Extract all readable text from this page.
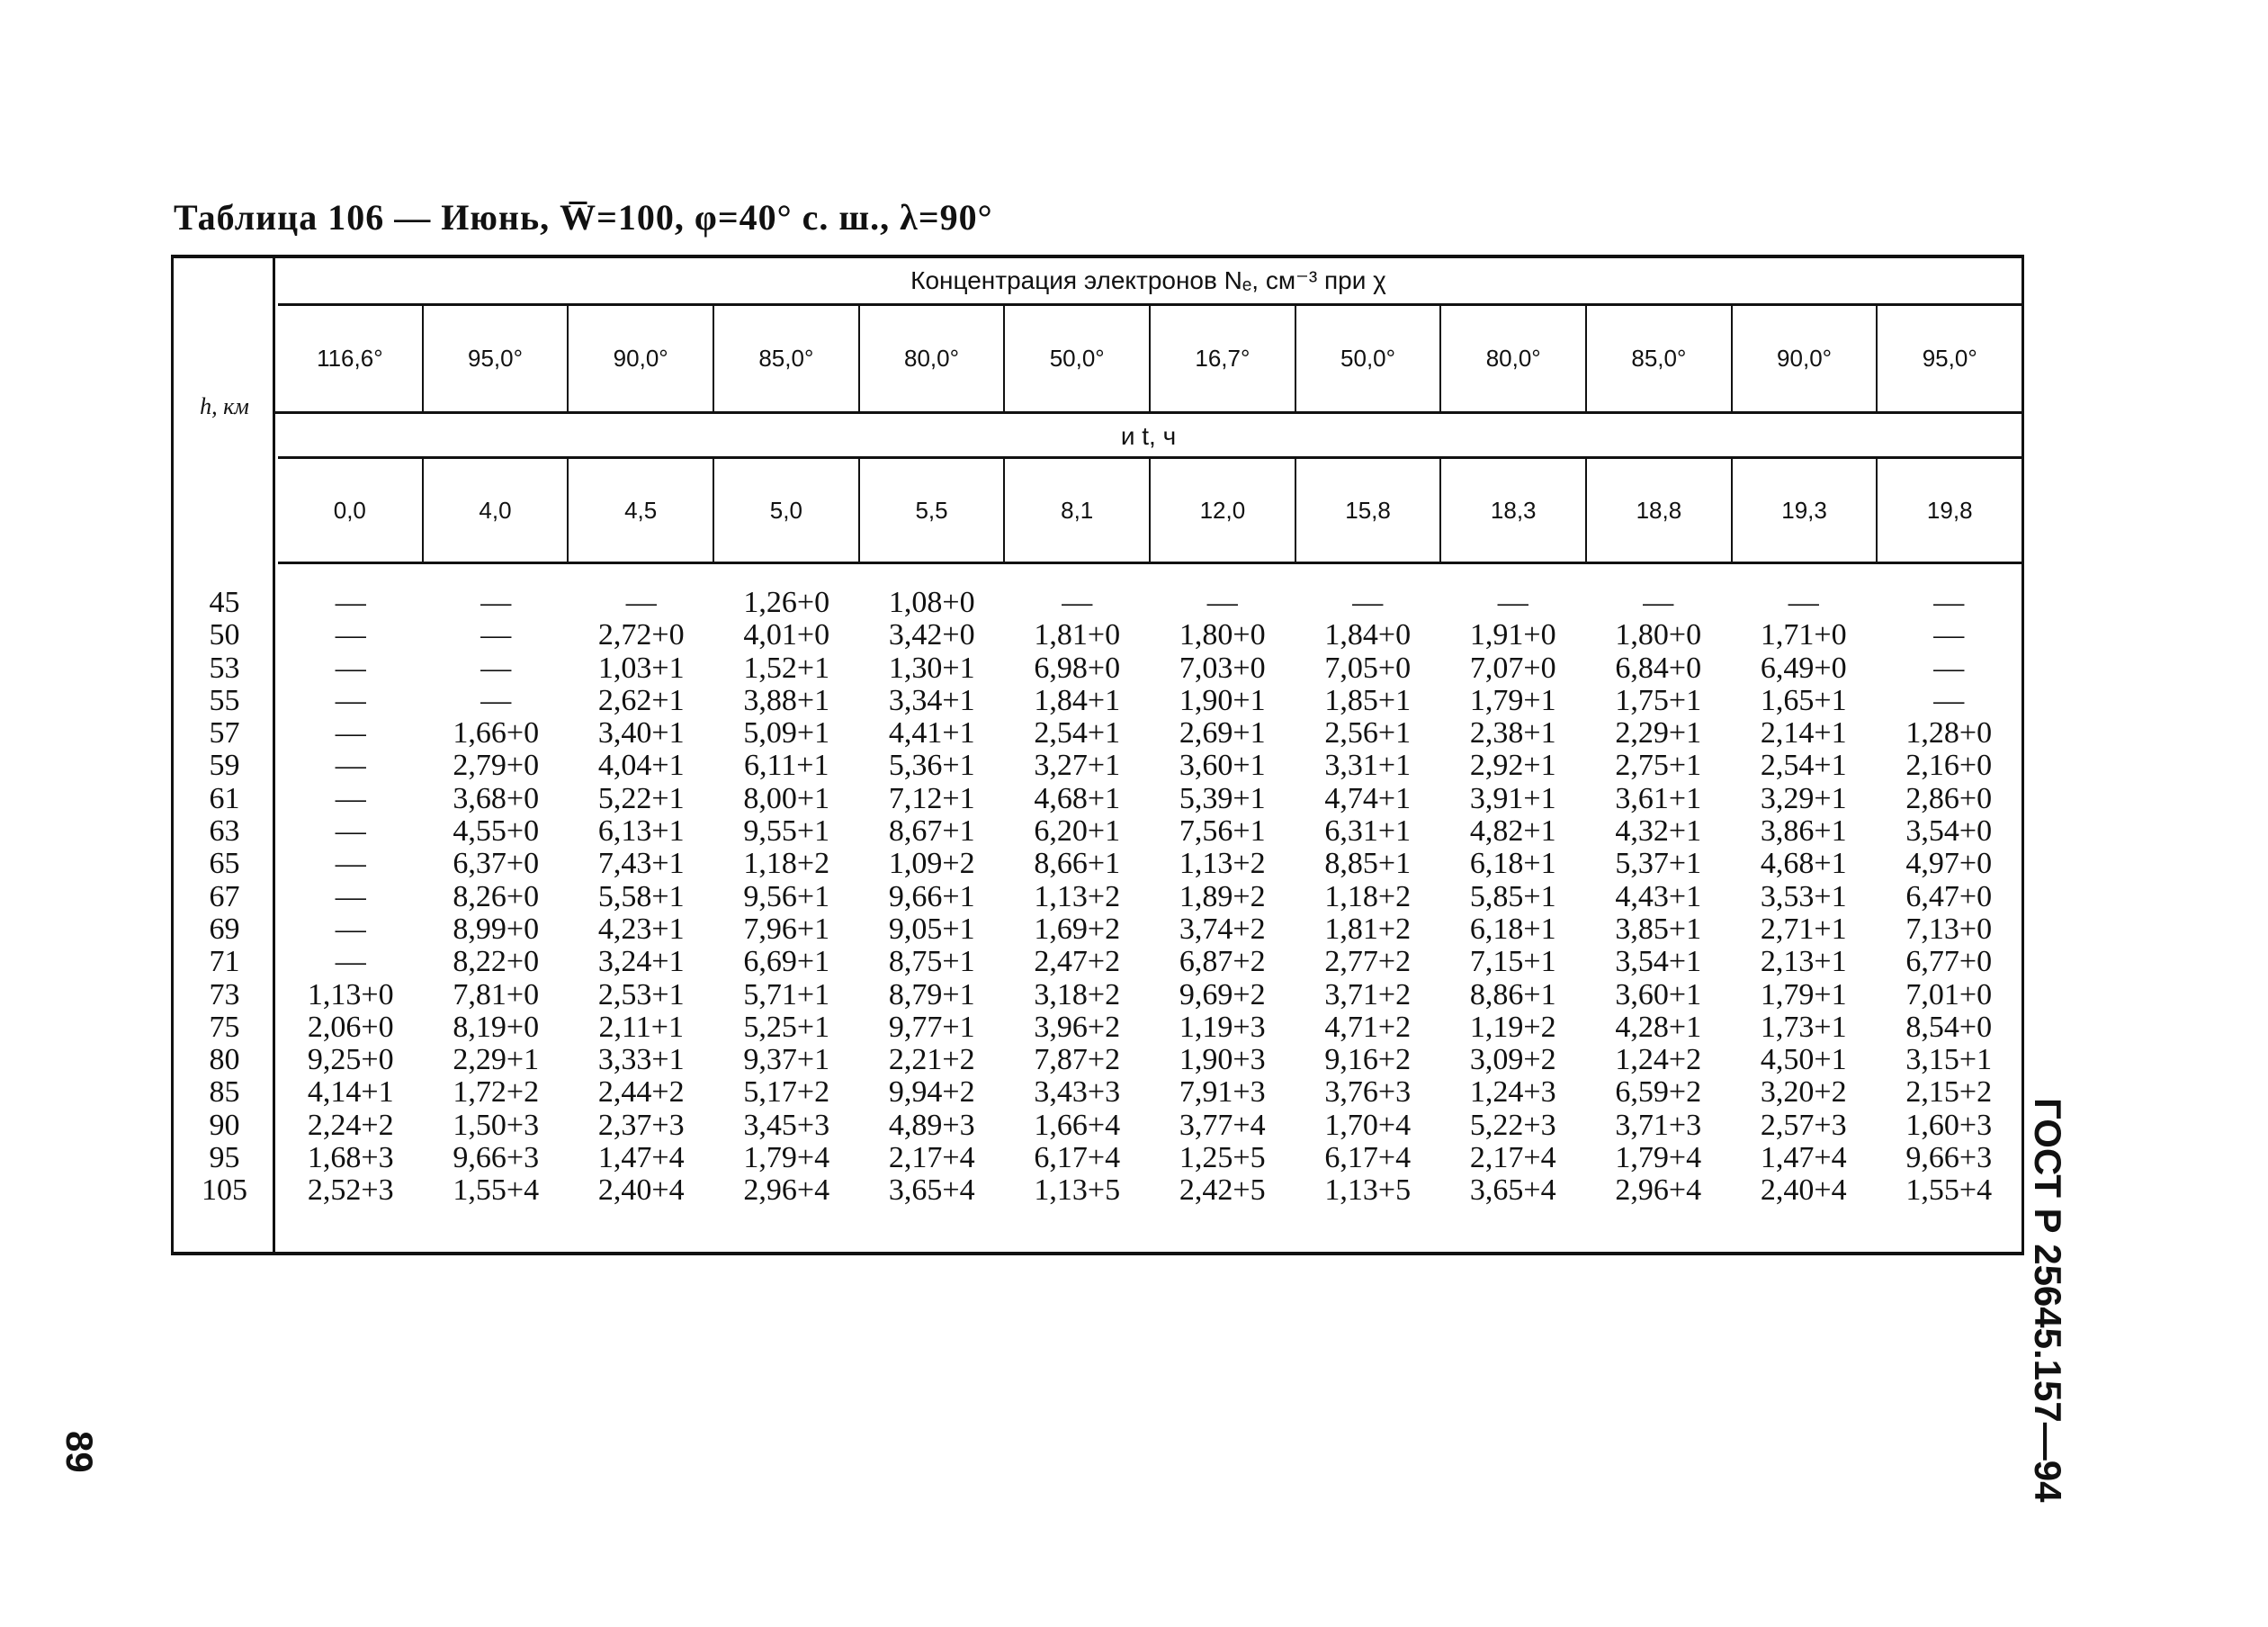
Таблица 106 — Июнь, W̅=100, φ=40° с. ш., λ=90°
h, км
Концентрация электронов Nₑ, см⁻³ при χ
116,6°	95,0°	90,0°	85,0°	80,0°	50,0°	16,7°	50,0°	80,0°	85,0°	90,0°	95,0°
и t, ч
0,0	4,0	4,5	5,0	5,5	8,1	12,0	15,8	18,3	18,8	19,3	19,8
45	—	—	—	1,26+0	1,08+0	—	—	—	—	—	—	—
50	—	—	2,72+0	4,01+0	3,42+0	1,81+0	1,80+0	1,84+0	1,91+0	1,80+0	1,71+0	—
53	—	—	1,03+1	1,52+1	1,30+1	6,98+0	7,03+0	7,05+0	7,07+0	6,84+0	6,49+0	—
55	—	—	2,62+1	3,88+1	3,34+1	1,84+1	1,90+1	1,85+1	1,79+1	1,75+1	1,65+1	—
57	—	1,66+0	3,40+1	5,09+1	4,41+1	2,54+1	2,69+1	2,56+1	2,38+1	2,29+1	2,14+1	1,28+0
59	—	2,79+0	4,04+1	6,11+1	5,36+1	3,27+1	3,60+1	3,31+1	2,92+1	2,75+1	2,54+1	2,16+0
61	—	3,68+0	5,22+1	8,00+1	7,12+1	4,68+1	5,39+1	4,74+1	3,91+1	3,61+1	3,29+1	2,86+0
63	—	4,55+0	6,13+1	9,55+1	8,67+1	6,20+1	7,56+1	6,31+1	4,82+1	4,32+1	3,86+1	3,54+0
65	—	6,37+0	7,43+1	1,18+2	1,09+2	8,66+1	1,13+2	8,85+1	6,18+1	5,37+1	4,68+1	4,97+0
67	—	8,26+0	5,58+1	9,56+1	9,66+1	1,13+2	1,89+2	1,18+2	5,85+1	4,43+1	3,53+1	6,47+0
69	—	8,99+0	4,23+1	7,96+1	9,05+1	1,69+2	3,74+2	1,81+2	6,18+1	3,85+1	2,71+1	7,13+0
71	—	8,22+0	3,24+1	6,69+1	8,75+1	2,47+2	6,87+2	2,77+2	7,15+1	3,54+1	2,13+1	6,77+0
73	1,13+0	7,81+0	2,53+1	5,71+1	8,79+1	3,18+2	9,69+2	3,71+2	8,86+1	3,60+1	1,79+1	7,01+0
75	2,06+0	8,19+0	2,11+1	5,25+1	9,77+1	3,96+2	1,19+3	4,71+2	1,19+2	4,28+1	1,73+1	8,54+0
80	9,25+0	2,29+1	3,33+1	9,37+1	2,21+2	7,87+2	1,90+3	9,16+2	3,09+2	1,24+2	4,50+1	3,15+1
85	4,14+1	1,72+2	2,44+2	5,17+2	9,94+2	3,43+3	7,91+3	3,76+3	1,24+3	6,59+2	3,20+2	2,15+2
90	2,24+2	1,50+3	2,37+3	3,45+3	4,89+3	1,66+4	3,77+4	1,70+4	5,22+3	3,71+3	2,57+3	1,60+3
95	1,68+3	9,66+3	1,47+4	1,79+4	2,17+4	6,17+4	1,25+5	6,17+4	2,17+4	1,79+4	1,47+4	9,66+3
105	2,52+3	1,55+4	2,40+4	2,96+4	3,65+4	1,13+5	2,42+5	1,13+5	3,65+4	2,96+4	2,40+4	1,55+4 ГОСТ Р 25645.157—94
89
